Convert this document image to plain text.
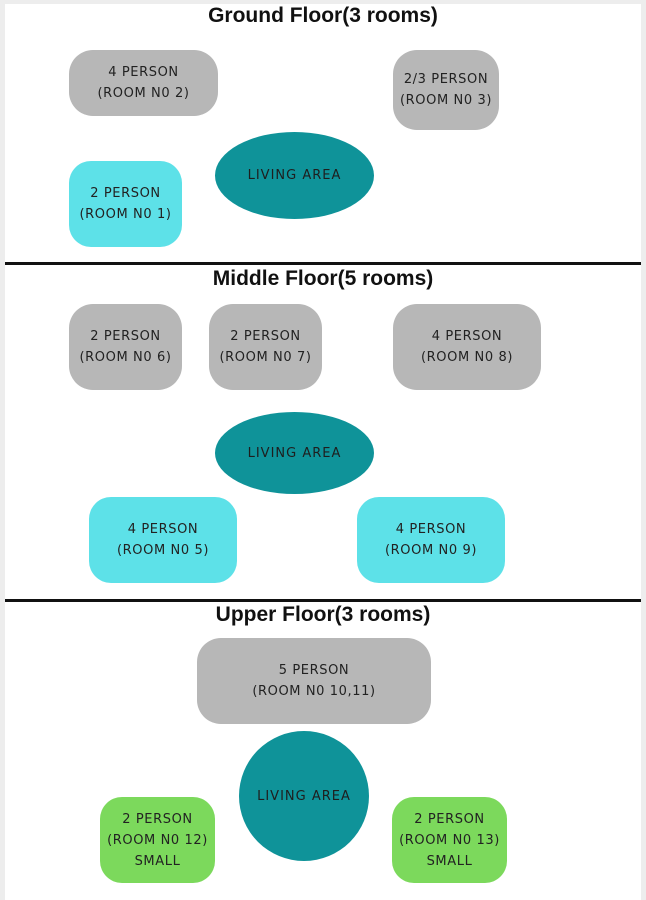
Ground Floor(3 rooms)
4 PERSON
(ROOM N0 2)
2/3 PERSON
(ROOM N0 3)
LIVING AREA
2 PERSON
(ROOM N0 1)
Middle Floor(5 rooms)
2 PERSON
(ROOM N0 6)
2 PERSON
(ROOM N0 7)
4 PERSON
(ROOM N0 8)
LIVING AREA
4 PERSON
(ROOM N0 5)
4 PERSON
(ROOM N0 9)
Upper Floor(3 rooms)
5 PERSON
(ROOM N0 10,11)
LIVING AREA
2 PERSON
(ROOM N0 12)
SMALL
2 PERSON
(ROOM N0 13)
SMALL
